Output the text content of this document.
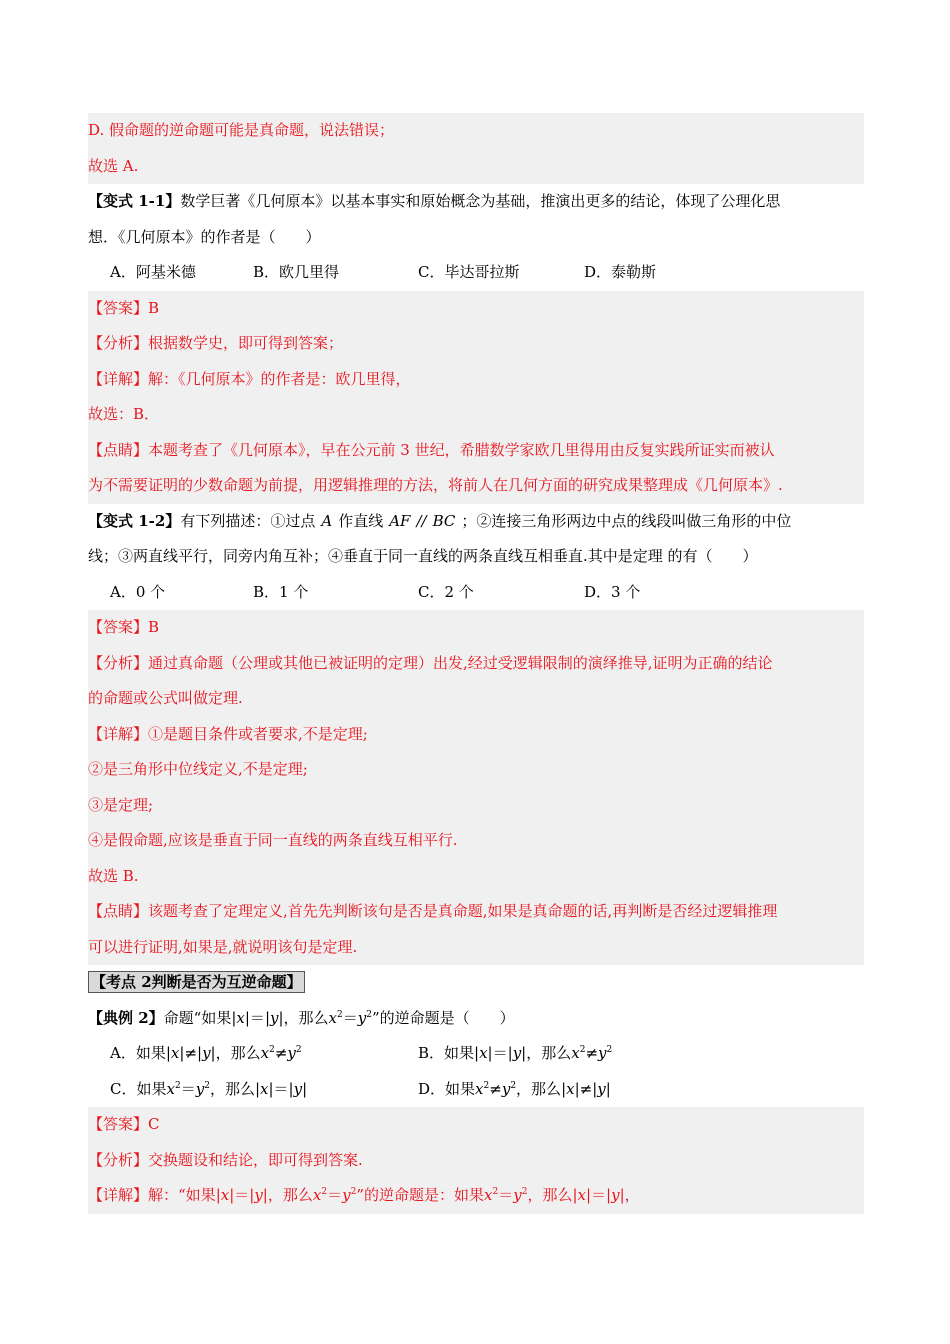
D. 假命题的逆命题可能是真命题，说法错误；
故选 A.
【变式 1-1】数学巨著《几何原本》以基本事实和原始概念为基础，推演出更多的结论，体现了公理化思
想．《几何原本》的作者是（　　）
A．阿基米德	B．欧几里得	C．毕达哥拉斯	D．泰勒斯
【答案】B
【分析】根据数学史，即可得到答案；
【详解】解：《几何原本》的作者是：欧几里得，
故选：B．
【点睛】本题考查了《几何原本》，早在公元前 3 世纪，希腊数学家欧几里得用由反复实践所证实而被认
为不需要证明的少数命题为前提，用逻辑推理的方法，将前人在几何方面的研究成果整理成《几何原本》.
【变式 1-2】有下列描述：①过点 A 作直线 AF // BC ；②连接三角形两边中点的线段叫做三角形的中位
线；③两直线平行，同旁内角互补；④垂直于同一直线的两条直线互相垂直.其中是定理 的有（　　）
A．0 个	B．1 个	C．2 个	D．3 个
【答案】B
【分析】通过真命题（公理或其他已被证明的定理）出发,经过受逻辑限制的演绎推导,证明为正确的结论
的命题或公式叫做定理.
【详解】①是题目条件或者要求,不是定理;
②是三角形中位线定义,不是定理;
③是定理;
④是假命题,应该是垂直于同一直线的两条直线互相平行.
故选 B.
【点睛】该题考查了定理定义,首先先判断该句是否是真命题,如果是真命题的话,再判断是否经过逻辑推理
可以进行证明,如果是,就说明该句是定理.
【考点 2判断是否为互逆命题】
【典例 2】命题“如果|x|＝|y|，那么$x^2=y^2$”的逆命题是（　　）
A．如果|x|≠|y|，那么$x^2\ne y^2$	B．如果|x|＝|y|，那么$x^2\ne y^2$
C．如果$x^2=y^2$，那么|x|＝|y|	D．如果$x^2\ne y^2$，那么|x|≠|y|
【答案】C
【分析】交换题设和结论，即可得到答案.
【详解】解：“如果|x|＝|y|，那么$x^2=y^2$”的逆命题是：如果$x^2=y^2$，那么|x|＝|y|，
